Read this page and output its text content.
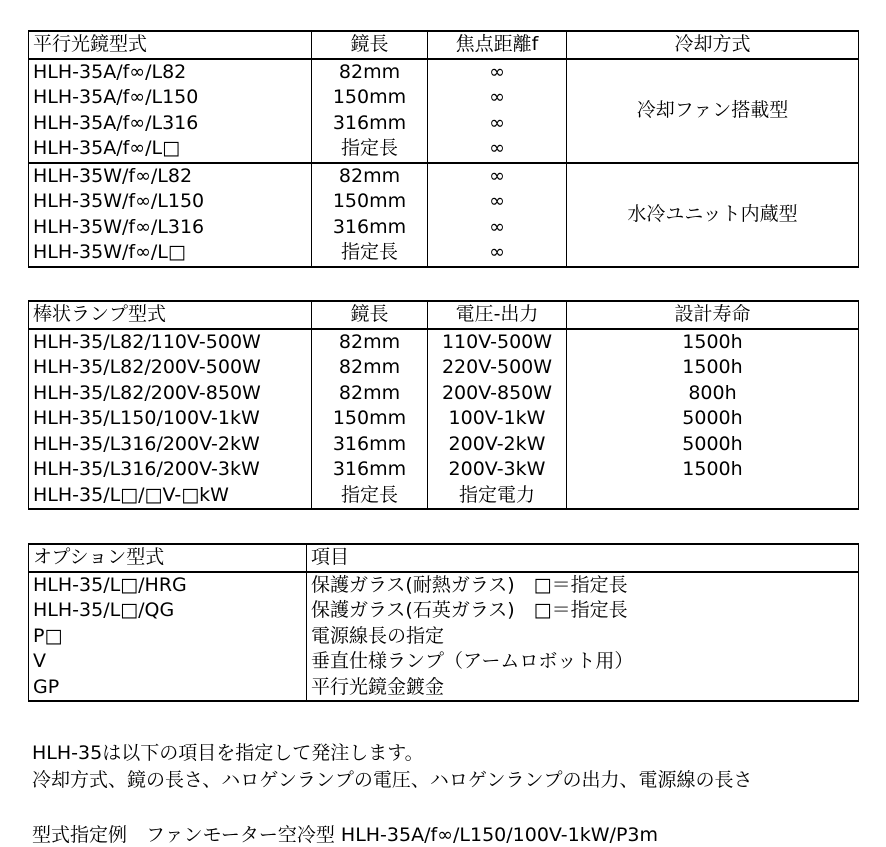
平行光鏡型式	鏡長	焦点距離f	冷却方式
HLH-35A/f∞/L82	82mm	∞	冷却ファン搭載型
HLH-35A/f∞/L150	150mm	∞	
HLH-35A/f∞/L316	316mm	∞	
HLH-35A/f∞/L□	指定長	∞	
HLH-35W/f∞/L82	82mm	∞	水冷ユニット内蔵型
HLH-35W/f∞/L150	150mm	∞	
HLH-35W/f∞/L316	316mm	∞	
HLH-35W/f∞/L□	指定長	∞	
棒状ランプ型式	鏡長	電圧-出力	設計寿命
HLH-35/L82/110V-500W	82mm	110V-500W	1500h
HLH-35/L82/200V-500W	82mm	220V-500W	1500h
HLH-35/L82/200V-850W	82mm	200V-850W	800h
HLH-35/L150/100V-1kW	150mm	100V-1kW	5000h
HLH-35/L316/200V-2kW	316mm	200V-2kW	5000h
HLH-35/L316/200V-3kW	316mm	200V-3kW	1500h
HLH-35/L□/□V-□kW	指定長	指定電力	
オプション型式	項目
HLH-35/L□/HRG	保護ガラス(耐熱ガラス)　□＝指定長
HLH-35/L□/QG	保護ガラス(石英ガラス)　□＝指定長
P□	電源線長の指定
V	垂直仕様ランプ（アームロボット用）
GP	平行光鏡金鍍金
HLH-35は以下の項目を指定して発注します。
冷却方式、鏡の長さ、ハロゲンランプの電圧、ハロゲンランプの出力、電源線の長さ
型式指定例　ファンモーター空冷型 HLH-35A/f∞/L150/100V-1kW/P3m
